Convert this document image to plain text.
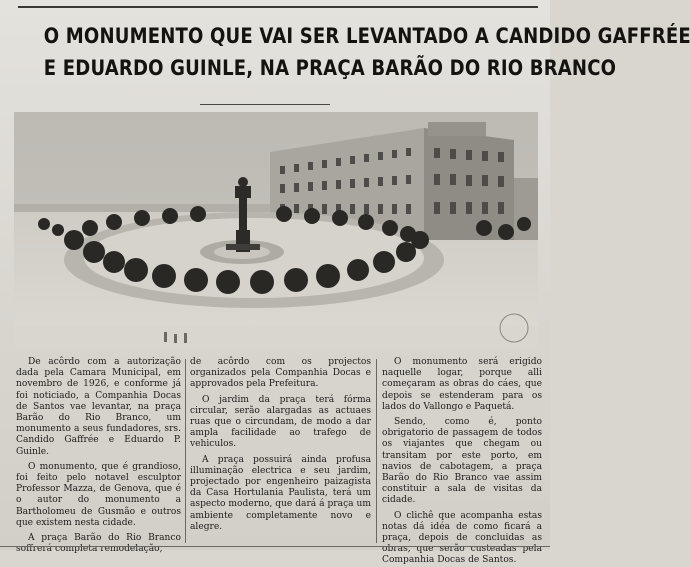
O MONUMENTO QUE VAI SER LEVANTADO A CANDIDO GAFFRÉE
E EDUARDO GUINLE, NA PRAÇA BARÃO DO RIO BRANCO

De acôrdo com a autorização dada pela Camara Municipal, em novembro de 1926, e conforme já foi noticiado, a Companhia Docas de Santos vae levantar, na praça Barão do Rio Branco, um monumento a seus fundadores, srs. Candido Gaffrée e Eduardo P. Guinle.

O monumento, que é grandioso, foi feito pelo notavel esculptor Professor Mazza, de Genova, que é o autor do monumento a Bartholomeu de Gusmão e outros que existem nesta cidade.

A praça Barão do Rio Branco soffrerá completa remodelação,

de acôrdo com os projectos organizados pela Companhia Docas e approvados pela Prefeitura.

O jardim da praça terá fórma circular, serão alargadas as actuaes ruas que o circundam, de modo a dar ampla facilidade ao trafego de vehiculos.

A praça possuirá ainda profusa illuminação electrica e seu jardim, projectado por engenheiro paizagista da Casa Hortulania Paulista, terá um aspecto moderno, que dará á praça um ambiente completamente novo e alegre.

O monumento será erigido naquelle logar, porque alli começaram as obras do cáes, que depois se estenderam para os lados do Vallongo e Paquetá.

Sendo, como é, ponto obrigatorio de passagem de todos os viajantes que chegam ou transitam por este porto, em navios de cabotagem, a praça Barão do Rio Branco vae assim constituir a sala de visitas da cidade.

O clichê que acompanha estas notas dá idéa de como ficará a praça, depois de concluidas as obras, que serão custeadas pela Companhia Docas de Santos.
